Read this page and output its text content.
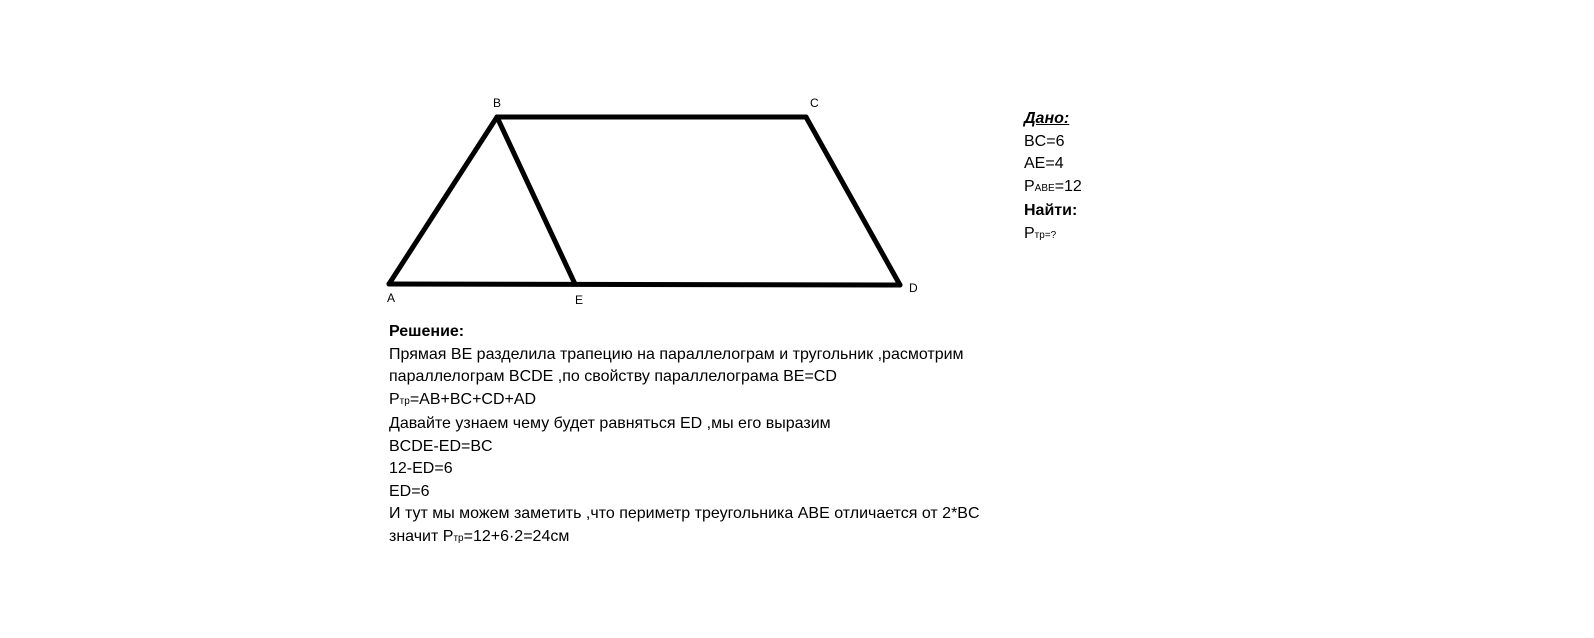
A
B	C
D
E
Дано:
BC=6
AE=4
PABE=12
Найти:
Pтр=?
Решение:
Прямая BE разделила трапецию на параллелограм и тругольник ,расмотрим
параллелограм BCDE ,по свойству параллелограма BE=CD
Pтр=AB+BC+CD+AD
Давайте узнаем чему будет равняться ED ,мы его выразим
BCDE-ED=BC
12-ED=6
ED=6
И тут мы можем заметить ,что периметр треугольника ABE отличается от 2*BC
значит Pтр=12+6·2=24см
